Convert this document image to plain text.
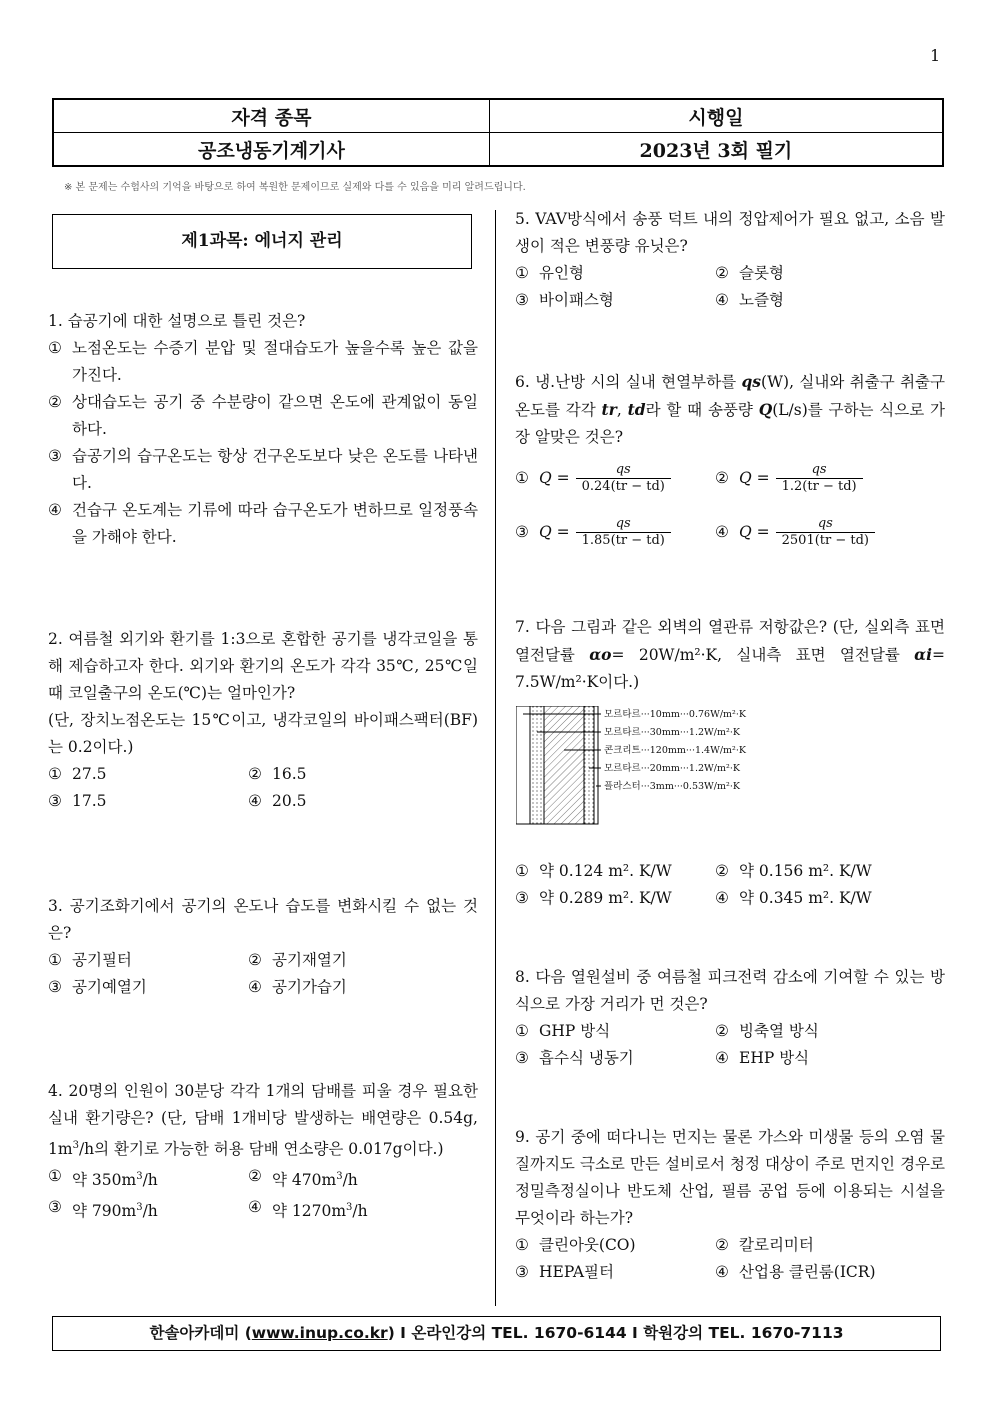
1
자격 종목	시행일
공조냉동기계기사	2023년 3회 필기
※ 본 문제는 수험사의 기억을 바탕으로 하여 복원한 문제이므로 실제와 다를 수 있음을 미리 알려드립니다.
제1과목: 에너지 관리
1. 습공기에 대한 설명으로 틀린 것은?
① 노점온도는 수증기 분압 및 절대습도가 높을수록 높은 값을 가진다.
② 상대습도는 공기 중 수분량이 같으면 온도에 관계없이 동일하다.
③ 습공기의 습구온도는 항상 건구온도보다 낮은 온도를 나타낸다.
④ 건습구 온도계는 기류에 따라 습구온도가 변하므로 일정풍속을 가해야 한다.
2. 여름철 외기와 환기를 1:3으로 혼합한 공기를 냉각코일을 통해 제습하고자 한다. 외기와 환기의 온도가 각각 35℃, 25℃일 때 코일출구의 온도(℃)는 얼마인가?
(단, 장치노점온도는 15℃이고, 냉각코일의 바이패스팩터(BF)는 0.2이다.)
① 27.5	② 16.5
③ 17.5	④ 20.5
3. 공기조화기에서 공기의 온도나 습도를 변화시킬 수 없는 것은?
① 공기필터	② 공기재열기
③ 공기예열기	④ 공기가습기
4. 20명의 인원이 30분당 각각 1개의 담배를 피울 경우 필요한 실내 환기량은? (단, 담배 1개비당 발생하는 배연량은 0.54g, $1m^3/h$의 환기로 가능한 허용 담배 연소량은 0.017g이다.)
① 약 $350m^3/h$	② 약 $470m^3/h$
③ 약 $790m^3/h$	④ 약 $1270m^3/h$
5. VAV방식에서 송풍 덕트 내의 정압제어가 필요 없고, 소음 발생이 적은 변풍량 유닛은?
① 유인형	② 슬롯형
③ 바이패스형	④ 노즐형
6. 냉.난방 시의 실내 현열부하를 qs(W), 실내와 취출구 취출구 온도를 각각 tr, td라 할 때 송풍량 Q(L/s)를 구하는 식으로 가장 알맞은 것은?
① $Q = \frac{qs}{0.24(tr - td)}$	② $Q = \frac{qs}{1.2(tr - td)}$
③ $Q = \frac{qs}{1.85(tr - td)}$	④ $Q = \frac{qs}{2501(tr - td)}$
7. 다음 그림과 같은 외벽의 열관류 저항값은? (단, 실외측 표면 열전달률 αo= 20W/m²·K, 실내측 표면 열전달률 αi= 7.5W/m²·K이다.)
모르타르···10mm···0.76W/m²·K
모르타르···30mm···1.2W/m²·K
콘크리트···120mm···1.4W/m²·K
모르타르···20mm···1.2W/m²·K
플라스터···3mm···0.53W/m²·K
① 약 0.124 m². K/W	② 약 0.156 m². K/W
③ 약 0.289 m². K/W	④ 약 0.345 m². K/W
8. 다음 열원설비 중 여름철 피크전력 감소에 기여할 수 있는 방식으로 가장 거리가 먼 것은?
① GHP 방식	② 빙축열 방식
③ 흡수식 냉동기	④ EHP 방식
9. 공기 중에 떠다니는 먼지는 물론 가스와 미생물 등의 오염 물질까지도 극소로 만든 설비로서 청정 대상이 주로 먼지인 경우로 정밀측정실이나 반도체 산업, 필름 공업 등에 이용되는 시설을 무엇이라 하는가?
① 클린아웃(CO)	② 칼로리미터
③ HEPA필터	④ 산업용 클린룸(ICR)
한솔아카데미 (www.inup.co.kr) I 온라인강의 TEL. 1670-6144 I 학원강의 TEL. 1670-7113
